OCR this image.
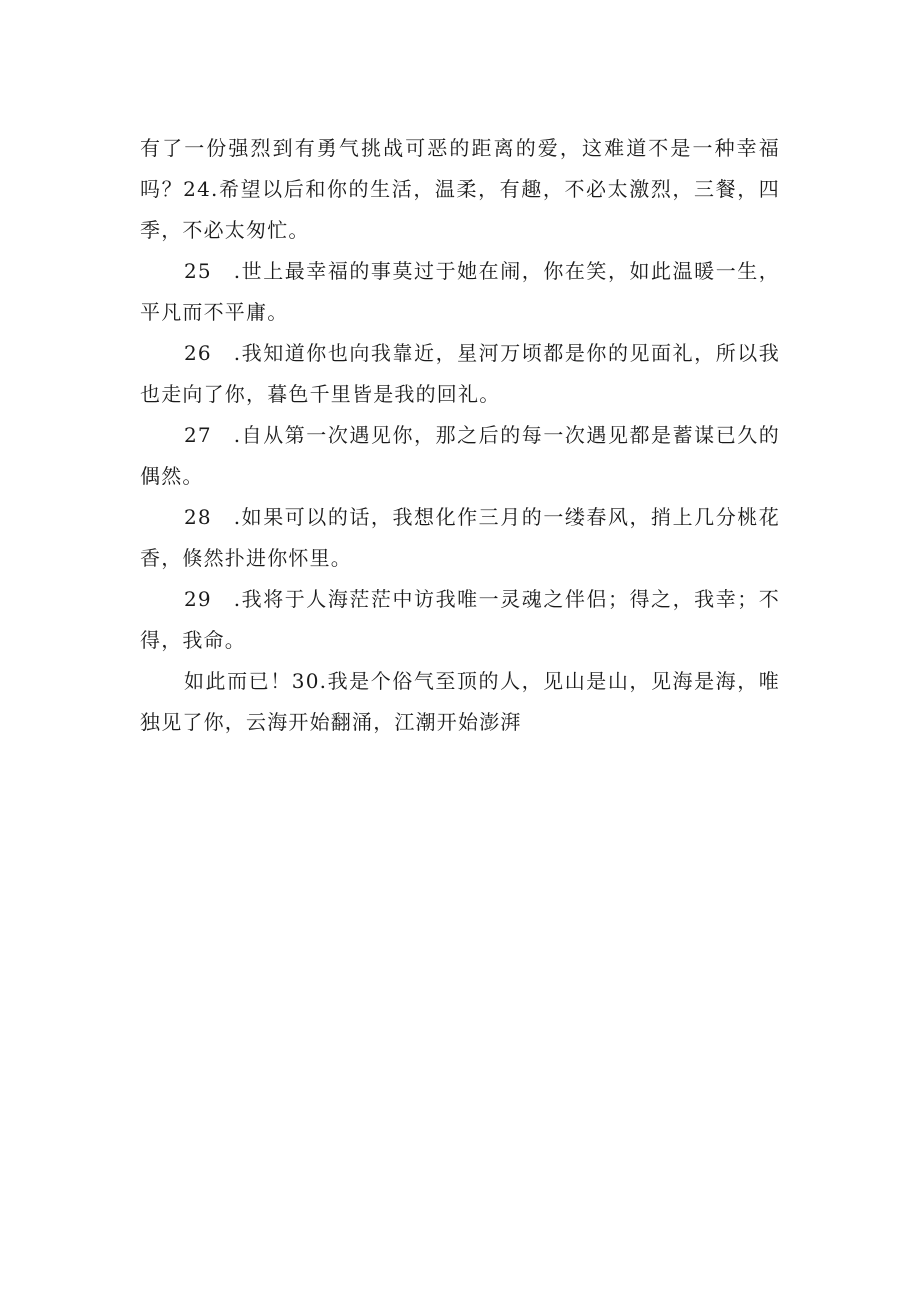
有了一份强烈到有勇气挑战可恶的距离的爱，这难道不是一种幸福吗？24.希望以后和你的生活，温柔，有趣，不必太激烈，三餐，四季，不必太匆忙。

25　.世上最幸福的事莫过于她在闹，你在笑，如此温暖一生，平凡而不平庸。

26　.我知道你也向我靠近，星河万顷都是你的见面礼，所以我也走向了你，暮色千里皆是我的回礼。

27　.自从第一次遇见你，那之后的每一次遇见都是蓄谋已久的偶然。

28　.如果可以的话，我想化作三月的一缕春风，捎上几分桃花香，倏然扑进你怀里。

29　.我将于人海茫茫中访我唯一灵魂之伴侣；得之，我幸；不得，我命。

如此而已！30.我是个俗气至顶的人，见山是山，见海是海，唯独见了你，云海开始翻涌，江潮开始澎湃
